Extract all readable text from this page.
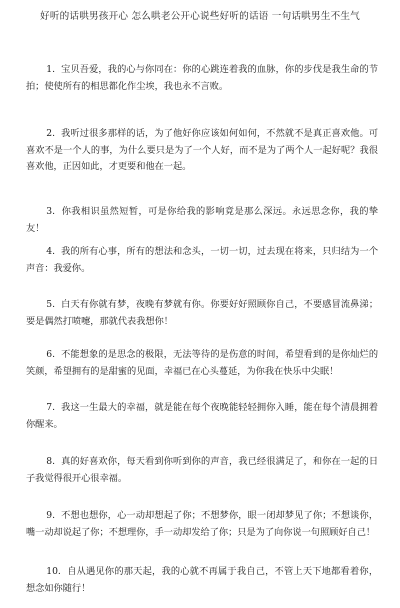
好听的话哄男孩开心 怎么哄老公开心说些好听的话语 一句话哄男生不生气
1. 宝贝吾爱，我的心与你同在：你的心跳连着我的血脉，你的步伐是我生命的节拍；使使所有的相思都化作尘埃，我也永不言败。
2. 我听过很多那样的话，为了他好你应该如何如何，不然就不是真正喜欢他。可喜欢不是一个人的事，为什么要只是为了一个人好，而不是为了两个人一起好呢？我很喜欢他，正因如此，才更要和他在一起。
3. 你我相识虽然短暂，可是你给我的影响竟是那么深远。永远思念你，我的挚友！
4. 我的所有心事，所有的想法和念头，一切一切，过去现在将来，只归结为一个声音：我爱你。
5. 白天有你就有梦，夜晚有梦就有你。你要好好照顾你自己，不要感冒流鼻涕；要是偶然打喷嚏，那就代表我想你！
6. 不能想象的是思念的极限，无法等待的是伤意的时间，希望看到的是你灿烂的笑颜，希望拥有的是甜蜜的见面，幸福已在心头蔓延，为你我在快乐中尖眠！
7. 我这一生最大的幸福，就是能在每个夜晚能轻轻拥你入睡，能在每个清晨拥着你醒来。
8. 真的好喜欢你，每天看到你听到你的声音，我已经很满足了，和你在一起的日子我觉得很开心很幸福。
9. 不想也想你，心一动却想起了你；不想梦你，眼一闭却梦见了你；不想谈你，嘴一动却说起了你；不想理你，手一动却发给了你；只是为了向你说一句照顾好自己！
10. 自从遇见你的那天起，我的心就不再属于我自己，不管上天下地都看着你，想念如你随行！
